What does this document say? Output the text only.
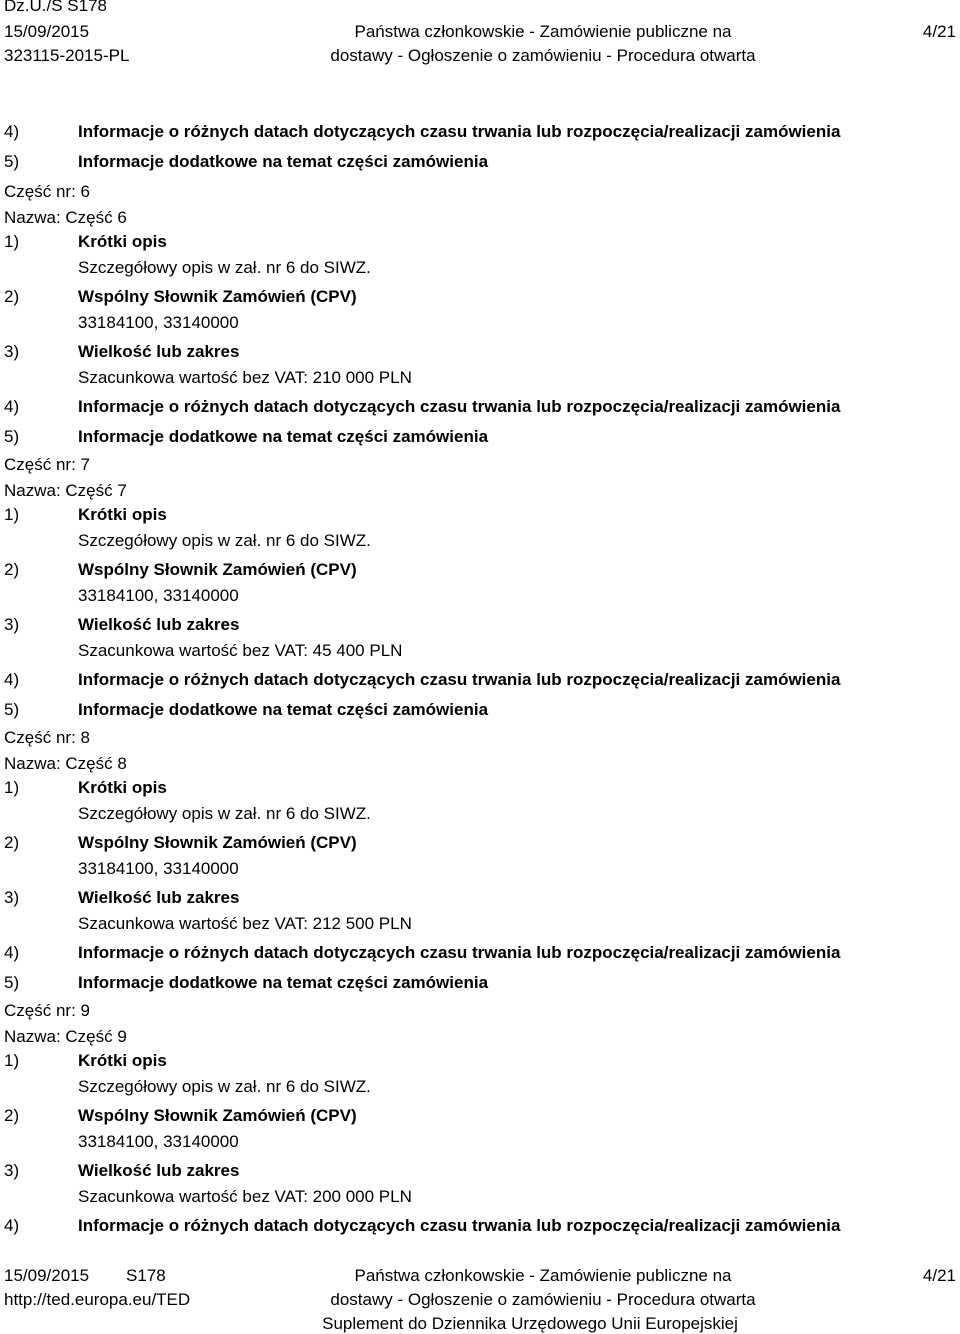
Dz.U./S S178
15/09/2015
323115-2015-PL
Państwa członkowskie - Zamówienie publiczne na
dostawy - Ogłoszenie o zamówieniu - Procedura otwarta
4/21
4)	Informacje o różnych datach dotyczących czasu trwania lub rozpoczęcia/realizacji zamówienia
5)	Informacje dodatkowe na temat części zamówienia
Część nr: 6
Nazwa: Część 6
1)	Krótki opis
Szczegółowy opis w zał. nr 6 do SIWZ.
2)	Wspólny Słownik Zamówień (CPV)
33184100, 33140000
3)	Wielkość lub zakres
Szacunkowa wartość bez VAT: 210 000 PLN
4)	Informacje o różnych datach dotyczących czasu trwania lub rozpoczęcia/realizacji zamówienia
5)	Informacje dodatkowe na temat części zamówienia
Część nr: 7
Nazwa: Część 7
1)	Krótki opis
Szczegółowy opis w zał. nr 6 do SIWZ.
2)	Wspólny Słownik Zamówień (CPV)
33184100, 33140000
3)	Wielkość lub zakres
Szacunkowa wartość bez VAT: 45 400 PLN
4)	Informacje o różnych datach dotyczących czasu trwania lub rozpoczęcia/realizacji zamówienia
5)	Informacje dodatkowe na temat części zamówienia
Część nr: 8
Nazwa: Część 8
1)	Krótki opis
Szczegółowy opis w zał. nr 6 do SIWZ.
2)	Wspólny Słownik Zamówień (CPV)
33184100, 33140000
3)	Wielkość lub zakres
Szacunkowa wartość bez VAT: 212 500 PLN
4)	Informacje o różnych datach dotyczących czasu trwania lub rozpoczęcia/realizacji zamówienia
5)	Informacje dodatkowe na temat części zamówienia
Część nr: 9
Nazwa: Część 9
1)	Krótki opis
Szczegółowy opis w zał. nr 6 do SIWZ.
2)	Wspólny Słownik Zamówień (CPV)
33184100, 33140000
3)	Wielkość lub zakres
Szacunkowa wartość bez VAT: 200 000 PLN
4)	Informacje o różnych datach dotyczących czasu trwania lub rozpoczęcia/realizacji zamówienia
15/09/2015 S178
http://ted.europa.eu/TED
Państwa członkowskie - Zamówienie publiczne na
dostawy - Ogłoszenie o zamówieniu - Procedura otwarta
Suplement do Dziennika Urzędowego Unii Europejskiej
4/21
